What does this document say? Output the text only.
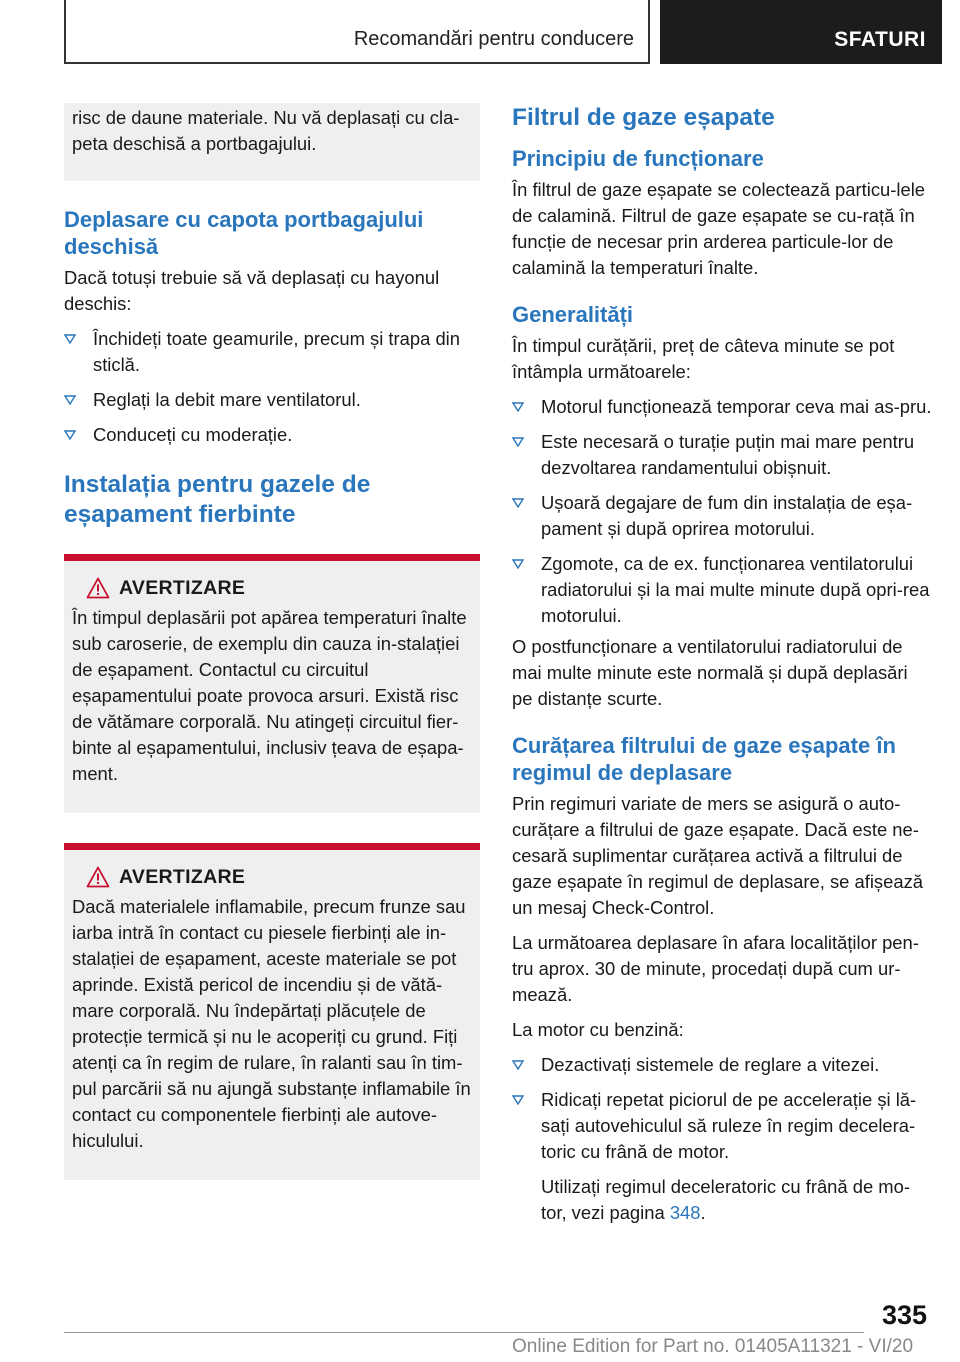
Recomandări pentru conducere	SFATURI

risc de daune materiale. Nu vă deplasați cu cla‐peta deschisă a portbagajului.

Deplasare cu capota portbagajului deschisă

Dacă totuși trebuie să vă deplasați cu hayonul deschis:

Închideți toate geamurile, precum și trapa din sticlă.
Reglați la debit mare ventilatorul.
Conduceți cu moderație.
Instalația pentru gazele de eșapament fierbinte
AVERTIZARE

În timpul deplasării pot apărea temperaturi înalte sub caroserie, de exemplu din cauza in‐stalației de eșapament. Contactul cu circuitul eșapamentului poate provoca arsuri. Există risc de vătămare corporală. Nu atingeți circuitul fier‐binte al eșapamentului, inclusiv țeava de eșapa‐ment.

AVERTIZARE

Dacă materialele inflamabile, precum frunze sau iarba intră în contact cu piesele fierbinți ale in‐stalației de eșapament, aceste materiale se pot aprinde. Există pericol de incendiu și de vătă‐mare corporală. Nu îndepărtați plăcuțele de protecție termică și nu le acoperiți cu grund. Fiți atenți ca în regim de rulare, în ralanti sau în tim‐pul parcării să nu ajungă substanțe inflamabile în contact cu componentele fierbinți ale autove‐hiculului.

Filtrul de gaze eșapate
Principiu de funcționare

În filtrul de gaze eșapate se colectează particu‐lele de calamină. Filtrul de gaze eșapate se cu‐rață în funcție de necesar prin arderea particule‐lor de calamină la temperaturi înalte.

Generalități

În timpul curățării, preț de câteva minute se pot întâmpla următoarele:

Motorul funcționează temporar ceva mai as‐pru.
Este necesară o turație puțin mai mare pentru dezvoltarea randamentului obișnuit.
Ușoară degajare de fum din instalația de eșa‐pament și după oprirea motorului.
Zgomote, ca de ex. funcționarea ventilatorului radiatorului și la mai multe minute după opri‐rea motorului.

O postfuncționare a ventilatorului radiatorului de mai multe minute este normală și după deplasări pe distanțe scurte.

Curățarea filtrului de gaze eșapate în regimul de deplasare

Prin regimuri variate de mers se asigură o auto‐curățare a filtrului de gaze eșapate. Dacă este ne‐cesară suplimentar curățarea activă a filtrului de gaze eșapate în regimul de deplasare, se afișează un mesaj Check-Control.

La următoarea deplasare în afara localităților pen‐tru aprox. 30 de minute, procedați după cum ur‐mează.

La motor cu benzină:

Dezactivați sistemele de reglare a vitezei.
Ridicați repetat piciorul de pe accelerație și lă‐sați autovehiculul să ruleze în regim decelera‐toric cu frână de motor.

Utilizați regimul deceleratoric cu frână de mo‐tor, vezi pagina 348.

335
Online Edition for Part no. 01405A11321 - VI/20
